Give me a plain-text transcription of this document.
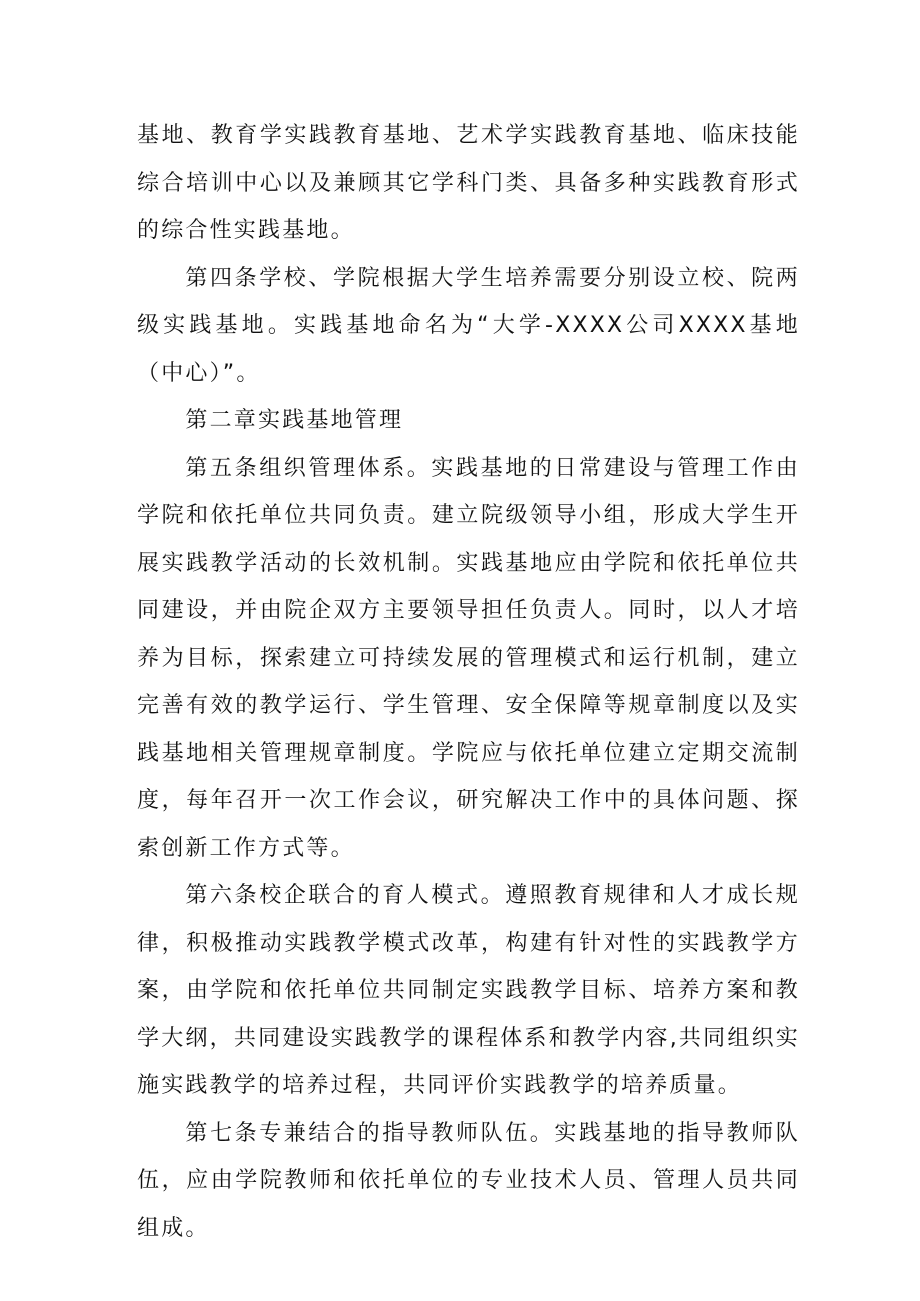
基地、教育学实践教育基地、艺术学实践教育基地、临床技能综合培训中心以及兼顾其它学科门类、具备多种实践教育形式的综合性实践基地。

第四条学校、学院根据大学生培养需要分别设立校、院两级实践基地。实践基地命名为“大学-XXXX公司XXXX基地（中心）”。

第二章实践基地管理

第五条组织管理体系。实践基地的日常建设与管理工作由学院和依托单位共同负责。建立院级领导小组，形成大学生开展实践教学活动的长效机制。实践基地应由学院和依托单位共同建设，并由院企双方主要领导担任负责人。同时，以人才培养为目标，探索建立可持续发展的管理模式和运行机制，建立完善有效的教学运行、学生管理、安全保障等规章制度以及实践基地相关管理规章制度。学院应与依托单位建立定期交流制度，每年召开一次工作会议，研究解决工作中的具体问题、探索创新工作方式等。

第六条校企联合的育人模式。遵照教育规律和人才成长规律，积极推动实践教学模式改革，构建有针对性的实践教学方案，由学院和依托单位共同制定实践教学目标、培养方案和教学大纲，共同建设实践教学的课程体系和教学内容,共同组织实施实践教学的培养过程，共同评价实践教学的培养质量。

第七条专兼结合的指导教师队伍。实践基地的指导教师队伍，应由学院教师和依托单位的专业技术人员、管理人员共同组成。
